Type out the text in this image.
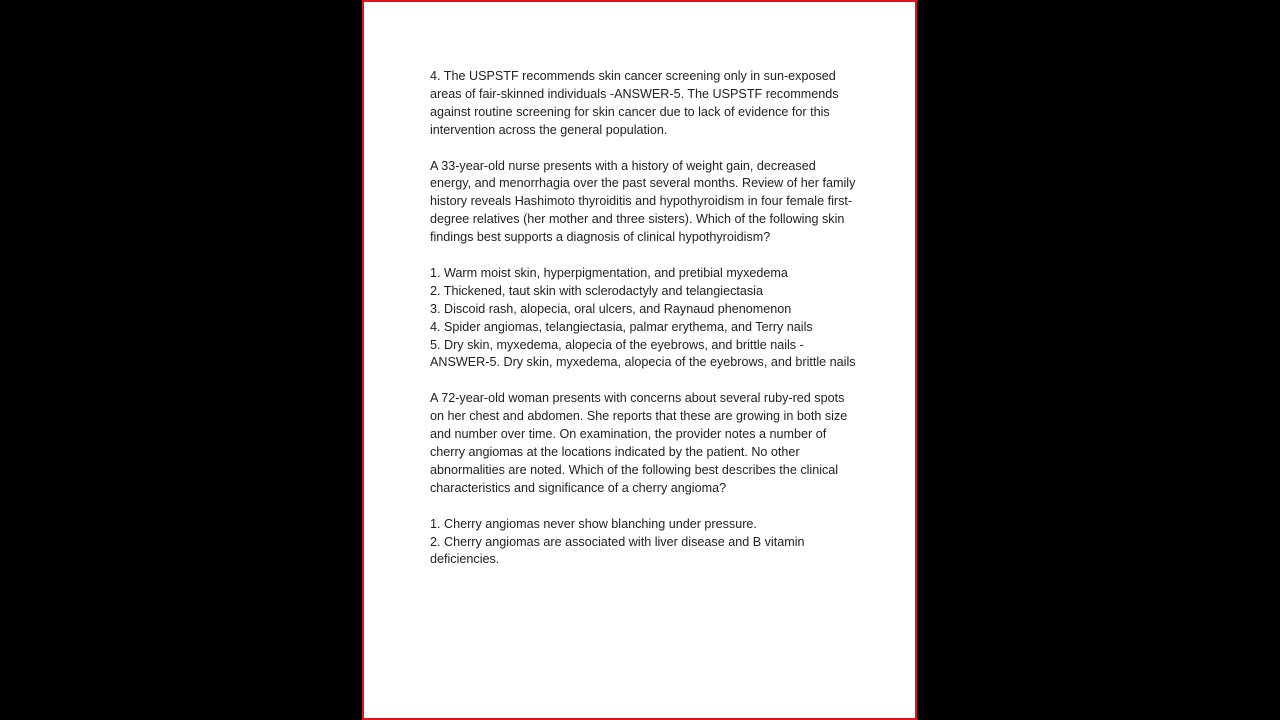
4. The USPSTF recommends skin cancer screening only in sun-exposed areas of fair-skinned individuals -ANSWER-5. The USPSTF recommends against routine screening for skin cancer due to lack of evidence for this intervention across the general population.

A 33-year-old nurse presents with a history of weight gain, decreased energy, and menorrhagia over the past several months. Review of her family history reveals Hashimoto thyroiditis and hypothyroidism in four female first-degree relatives (her mother and three sisters). Which of the following skin findings best supports a diagnosis of clinical hypothyroidism?

1. Warm moist skin, hyperpigmentation, and pretibial myxedema
2. Thickened, taut skin with sclerodactyly and telangiectasia
3. Discoid rash, alopecia, oral ulcers, and Raynaud phenomenon
4. Spider angiomas, telangiectasia, palmar erythema, and Terry nails
5. Dry skin, myxedema, alopecia of the eyebrows, and brittle nails -ANSWER-5. Dry skin, myxedema, alopecia of the eyebrows, and brittle nails

A 72-year-old woman presents with concerns about several ruby-red spots on her chest and abdomen. She reports that these are growing in both size and number over time. On examination, the provider notes a number of cherry angiomas at the locations indicated by the patient. No other abnormalities are noted. Which of the following best describes the clinical characteristics and significance of a cherry angioma?

1. Cherry angiomas never show blanching under pressure.
2. Cherry angiomas are associated with liver disease and B vitamin deficiencies.
